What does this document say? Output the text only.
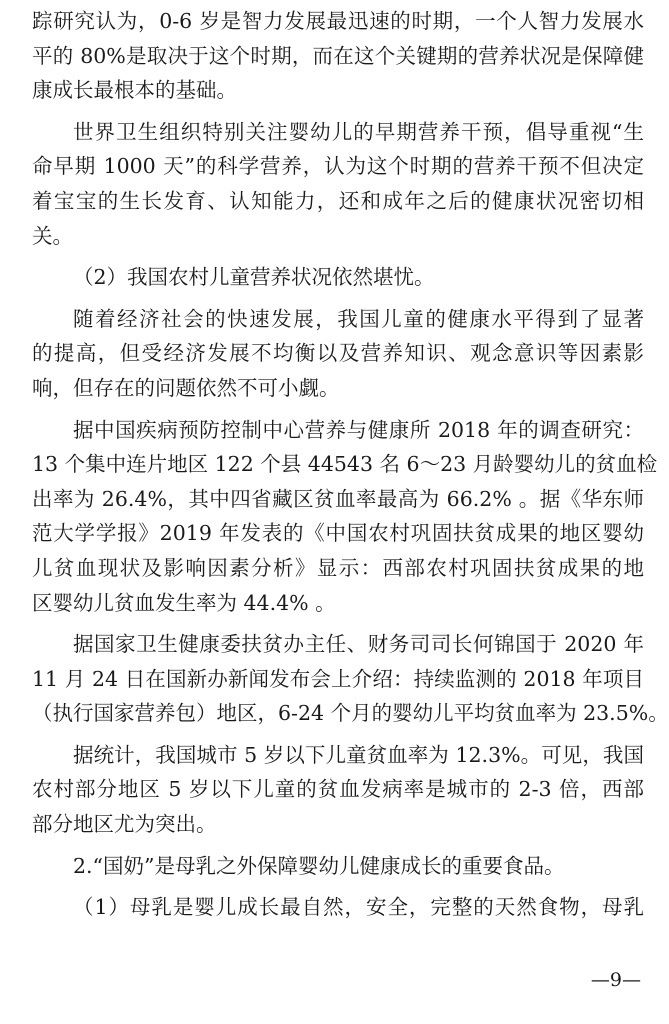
踪研究认为，0-6 岁是智力发展最迅速的时期，一个人智力发展水
平的 80%是取决于这个时期，而在这个关键期的营养状况是保障健
康成长最根本的基础。
世界卫生组织特别关注婴幼儿的早期营养干预，倡导重视“生
命早期 1000 天”的科学营养，认为这个时期的营养干预不但决定
着宝宝的生长发育、认知能力，还和成年之后的健康状况密切相
关。
（2）我国农村儿童营养状况依然堪忧。
随着经济社会的快速发展，我国儿童的健康水平得到了显著
的提高，但受经济发展不均衡以及营养知识、观念意识等因素影
响，但存在的问题依然不可小觑。
据中国疾病预防控制中心营养与健康所 2018 年的调查研究：
13 个集中连片地区 122 个县 44543 名 6～23 月龄婴幼儿的贫血检
出率为 26.4%，其中四省藏区贫血率最高为 66.2% 。据《华东师
范大学学报》2019 年发表的《中国农村巩固扶贫成果的地区婴幼
儿贫血现状及影响因素分析》显示：西部农村巩固扶贫成果的地
区婴幼儿贫血发生率为 44.4% 。
据国家卫生健康委扶贫办主任、财务司司长何锦国于 2020 年
11 月 24 日在国新办新闻发布会上介绍：持续监测的 2018 年项目
（执行国家营养包）地区，6-24 个月的婴幼儿平均贫血率为 23.5%。
据统计，我国城市 5 岁以下儿童贫血率为 12.3%。可见，我国
农村部分地区 5 岁以下儿童的贫血发病率是城市的 2-3 倍，西部
部分地区尤为突出。
2.“国奶”是母乳之外保障婴幼儿健康成长的重要食品。
（1）母乳是婴儿成长最自然，安全，完整的天然食物，母乳
—9—
